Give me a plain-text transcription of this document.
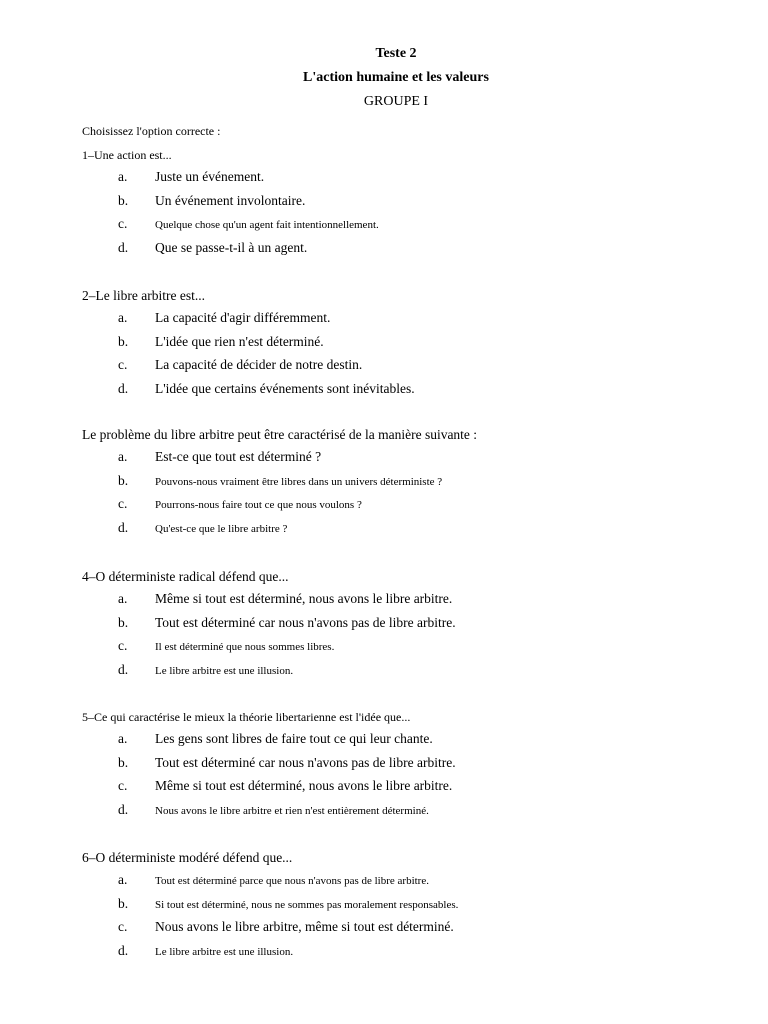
Teste 2
L'action humaine et les valeurs
GROUPE I
Choisissez l'option correcte :
1–Une action est...
a.	Juste un événement.
b.	Un événement involontaire.
c.	Quelque chose qu'un agent fait intentionnellement.
d.	Que se passe-t-il à un agent.
2–Le libre arbitre est...
a.	La capacité d'agir différemment.
b.	L'idée que rien n'est déterminé.
c.	La capacité de décider de notre destin.
d.	L'idée que certains événements sont inévitables.
Le problème du libre arbitre peut être caractérisé de la manière suivante :
a.	Est-ce que tout est déterminé ?
b.	Pouvons-nous vraiment être libres dans un univers déterministe ?
c.	Pourrons-nous faire tout ce que nous voulons ?
d.	Qu'est-ce que le libre arbitre ?
4–O déterministe radical défend que...
a.	Même si tout est déterminé, nous avons le libre arbitre.
b.	Tout est déterminé car nous n'avons pas de libre arbitre.
c.	Il est déterminé que nous sommes libres.
d.	Le libre arbitre est une illusion.
5–Ce qui caractérise le mieux la théorie libertarienne est l'idée que...
a.	Les gens sont libres de faire tout ce qui leur chante.
b.	Tout est déterminé car nous n'avons pas de libre arbitre.
c.	Même si tout est déterminé, nous avons le libre arbitre.
d.	Nous avons le libre arbitre et rien n'est entièrement déterminé.
6–O déterministe modéré défend que...
a.	Tout est déterminé parce que nous n'avons pas de libre arbitre.
b.	Si tout est déterminé, nous ne sommes pas moralement responsables.
c.	Nous avons le libre arbitre, même si tout est déterminé.
d.	Le libre arbitre est une illusion.
